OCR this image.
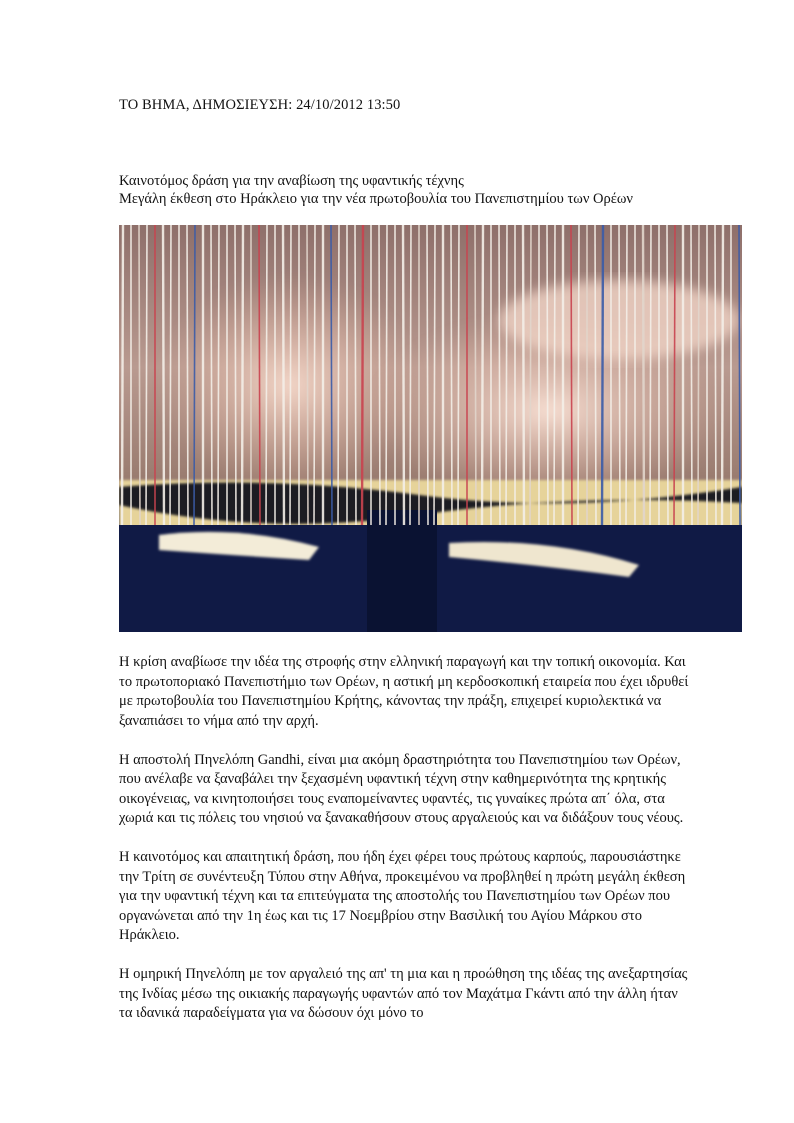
ΤΟ ΒΗΜΑ, ΔΗΜΟΣΙΕΥΣΗ: 24/10/2012 13:50
Καινοτόμος δράση για την αναβίωση της υφαντικής τέχνης
Μεγάλη έκθεση στο Ηράκλειο για την νέα πρωτοβουλία του Πανεπιστημίου των Ορέων

Η κρίση αναβίωσε την ιδέα της στροφής στην ελληνική παραγωγή και την τοπική οικονομία. Και το πρωτοποριακό Πανεπιστήμιο των Ορέων, η αστική μη κερδοσκοπική εταιρεία που έχει ιδρυθεί με πρωτοβουλία του Πανεπιστημίου Κρήτης, κάνοντας την πράξη, επιχειρεί κυριολεκτικά να ξαναπιάσει το νήμα από την αρχή.

Η αποστολή Πηνελόπη Gandhi, είναι μια ακόμη δραστηριότητα του Πανεπιστημίου των Ορέων, που ανέλαβε να ξαναβάλει την ξεχασμένη υφαντική τέχνη στην καθημερινότητα της κρητικής οικογένειας, να κινητοποιήσει τους εναπομείναντες υφαντές, τις γυναίκες πρώτα απ΄ όλα, στα χωριά και τις πόλεις του νησιού να ξανακαθήσουν στους αργαλειούς και να διδάξουν τους νέους.

Η καινοτόμος και απαιτητική δράση, που ήδη έχει φέρει τους πρώτους καρπούς, παρουσιάστηκε την Τρίτη σε συνέντευξη Τύπου στην Αθήνα, προκειμένου να προβληθεί η πρώτη μεγάλη έκθεση για την υφαντική τέχνη και τα επιτεύγματα της αποστολής του Πανεπιστημίου των Ορέων που οργανώνεται από την 1η έως και τις 17 Νοεμβρίου στην Βασιλική του Αγίου Μάρκου στο Ηράκλειο.

Η ομηρική Πηνελόπη με τον αργαλειό της απ' τη μια και η προώθηση της ιδέας της ανεξαρτησίας της Ινδίας μέσω της οικιακής παραγωγής υφαντών από τον Μαχάτμα Γκάντι από την άλλη ήταν τα ιδανικά παραδείγματα για να δώσουν όχι μόνο το
